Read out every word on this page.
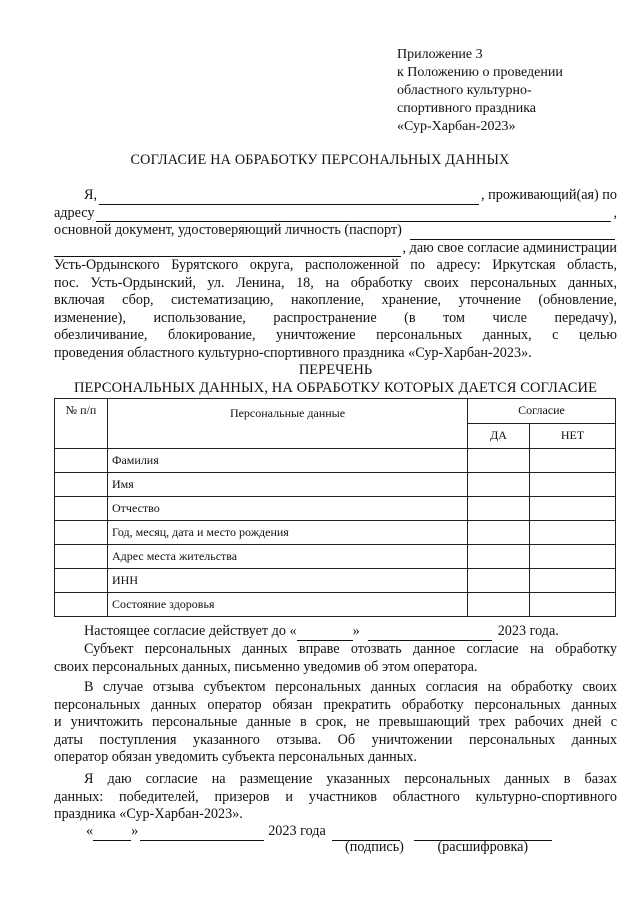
Приложение 3
к Положению о проведении
областного культурно-
спортивного праздника
«Сур-Харбан-2023»
СОГЛАСИЕ НА ОБРАБОТКУ ПЕРСОНАЛЬНЫХ ДАННЫХ
Я,	, проживающий(ая) по
адресу	,
основной документ, удостоверяющий личность (паспорт)
, даю свое согласие администрации
Усть-Ордынского Бурятского округа, расположенной по адресу: Иркутская область,
пос. Усть-Ордынский, ул. Ленина, 18, на обработку своих персональных данных,
включая сбор, систематизацию, накопление, хранение, уточнение (обновление,
изменение), использование, распространение (в том числе передачу),
обезличивание, блокирование, уничтожение персональных данных, с целью
проведения областного культурно-спортивного праздника «Сур-Харбан-2023».
ПЕРЕЧЕНЬ
ПЕРСОНАЛЬНЫХ ДАННЫХ, НА ОБРАБОТКУ КОТОРЫХ ДАЕТСЯ СОГЛАСИЕ
№ п/п	Персональные данные	Согласие	
		ДА	НЕТ
	Фамилия		
	Имя		
	Отчество		
	Год, месяц, дата и место рождения		
	Адрес места жительства		
	ИНН		
	Состояние здоровья		
Настоящее согласие действует до «	»	2023 года.
Субъект персональных данных вправе отозвать данное согласие на обработку
своих персональных данных, письменно уведомив об этом оператора.
В случае отзыва субъектом персональных данных согласия на обработку своих
персональных данных оператор обязан прекратить обработку персональных данных
и уничтожить персональные данные в срок, не превышающий трех рабочих дней с
даты поступления указанного отзыва. Об уничтожении персональных данных
оператор обязан уведомить субъекта персональных данных.
Я даю согласие на размещение указанных персональных данных в базах
данных: победителей, призеров и участников областного культурно-спортивного
праздника «Сур-Харбан-2023».
«	»	2023 года
(подпись) (расшифровка)
